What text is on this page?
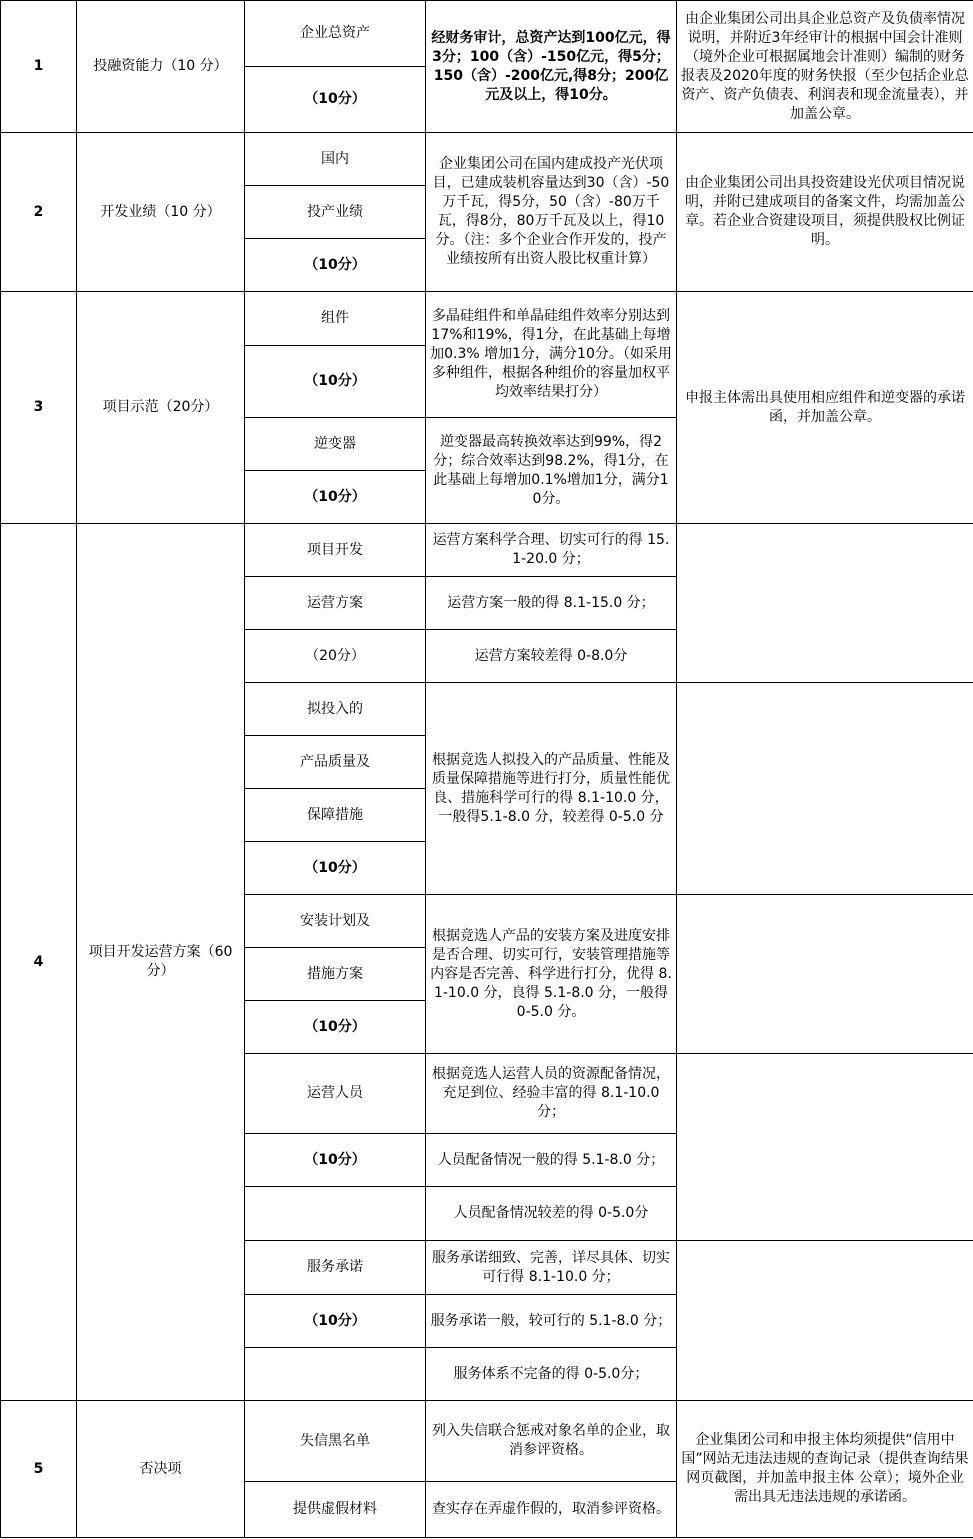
1	投融资能力（10 分）	企业总资产	经财务审计，总资产达到100亿元，得3分；100（含）-150亿元，得5分；150（含）-200亿元,得8分；200亿元及以上，得10分。	由企业集团公司出具企业总资产及负债率情况说明，并附近3年经审计的根据中国会计准则（境外企业可根据属地会计准则）编制的财务报表及2020年度的财务快报（至少包括企业总资产、资产负债表、利润表和现金流量表），并加盖公章。
		（10分）		
2	开发业绩（10 分）	国内	企业集团公司在国内建成投产光伏项目，已建成装机容量达到30（含）-50万千瓦，得5分，50（含）-80万千瓦，得8分，80万千瓦及以上，得10 分。（注：多个企业合作开发的，投产业绩按所有出资人股比权重计算）	由企业集团公司出具投资建设光伏项目情况说明，并附已建成项目的备案文件，均需加盖公章。若企业合资建设项目，须提供股权比例证明。
		投产业绩		
		（10分）		
3	项目示范（20分）	组件	多晶硅组件和单晶硅组件效率分别达到17%和19%，得1分，在此基础上每增加0.3% 增加1分，满分10分。（如采用多种组件，根据各种组价的容量加权平均效率结果打分）	申报主体需出具使用相应组件和逆变器的承诺函，并加盖公章。
		（10分）		
		逆变器	逆变器最高转换效率达到99%，得2分；综合效率达到98.2%，得1分，在此基础上每增加0.1%增加1分，满分10分。	
		（10分）		
4	项目开发运营方案（60分）	项目开发	运营方案科学合理、切实可行的得 15.1-20.0 分；	
		运营方案	运营方案一般的得 8.1-15.0 分；	
		（20分）	运营方案较差得 0-8.0分	
		拟投入的	根据竞选人拟投入的产品质量、性能及质量保障措施等进行打分，质量性能优良、措施科学可行的得 8.1-10.0 分，一般得5.1-8.0 分，较差得 0-5.0 分	
		产品质量及		
		保障措施		
		（10分）		
		安装计划及	根据竞选人产品的安装方案及进度安排是否合理、切实可行，安装管理措施等内容是否完善、科学进行打分，优得 8.1-10.0 分，良得 5.1-8.0 分，一般得 0-5.0 分。	
		措施方案		
		（10分）		
		运营人员	根据竞选人运营人员的资源配备情况，充足到位、经验丰富的得 8.1-10.0 分；	
		（10分）	人员配备情况一般的得 5.1-8.0 分；	
			人员配备情况较差的得 0-5.0分	
		服务承诺	服务承诺细致、完善，详尽具体、切实可行得 8.1-10.0 分；	
		（10分）	服务承诺一般，较可行的 5.1-8.0 分；	
			服务体系不完备的得 0-5.0分；	
5	否决项	失信黑名单	列入失信联合惩戒对象名单的企业，取消参评资格。	企业集团公司和申报主体均须提供“信用中国”网站无违法违规的查询记录（提供查询结果网页截图，并加盖申报主体 公章）；境外企业需出具无违法违规的承诺函。
		提供虚假材料	查实存在弄虚作假的，取消参评资格。	
